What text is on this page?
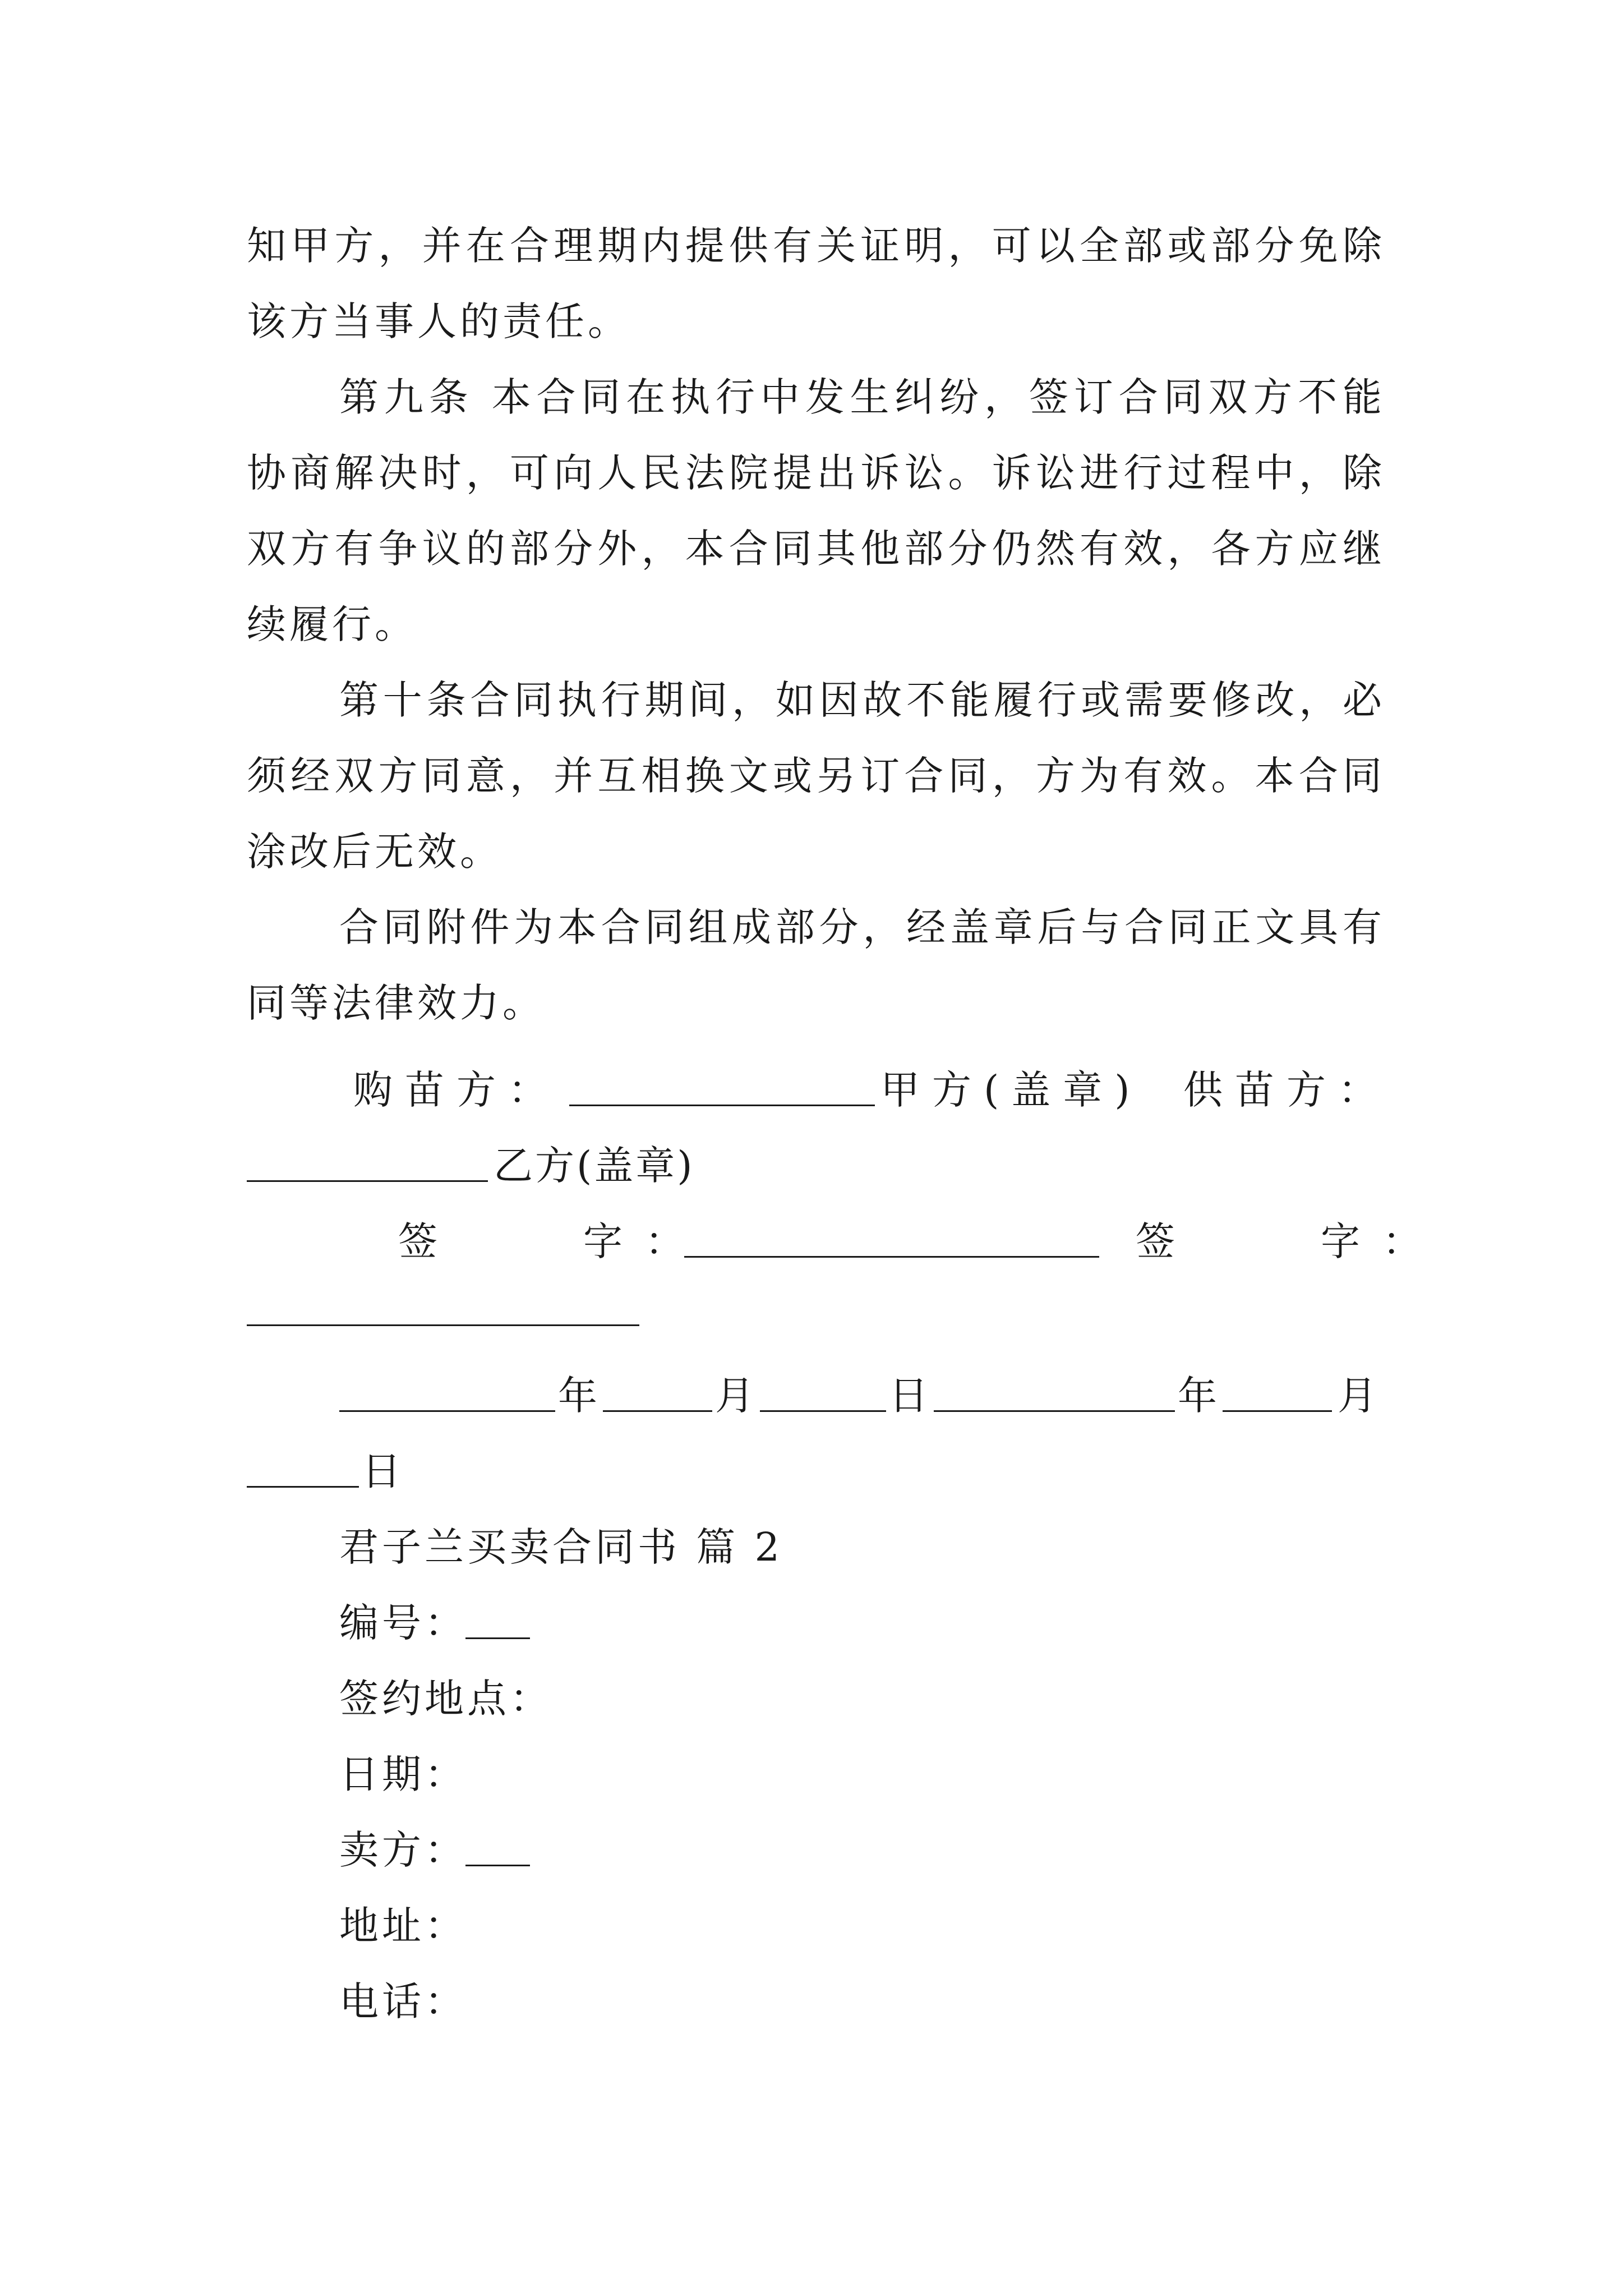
知甲方，并在合理期内提供有关证明，可以全部或部分免除
该方当事人的责任。
第九条 本合同在执行中发生纠纷，签订合同双方不能
协商解决时，可向人民法院提出诉讼。诉讼进行过程中，除
双方有争议的部分外，本合同其他部分仍然有效，各方应继
续履行。
第十条合同执行期间，如因故不能履行或需要修改，必
须经双方同意，并互相换文或另订合同，方为有效。本合同
涂改后无效。
合同附件为本合同组成部分，经盖章后与合同正文具有
同等法律效力。
购苗方：	甲方(盖章) 供苗方：
乙方(盖章)
签　　字：	签　　字：
年	月	日	年	月
日
君子兰买卖合同书 篇 2
编号：
签约地点：
日期：
卖方：
地址：
电话：
